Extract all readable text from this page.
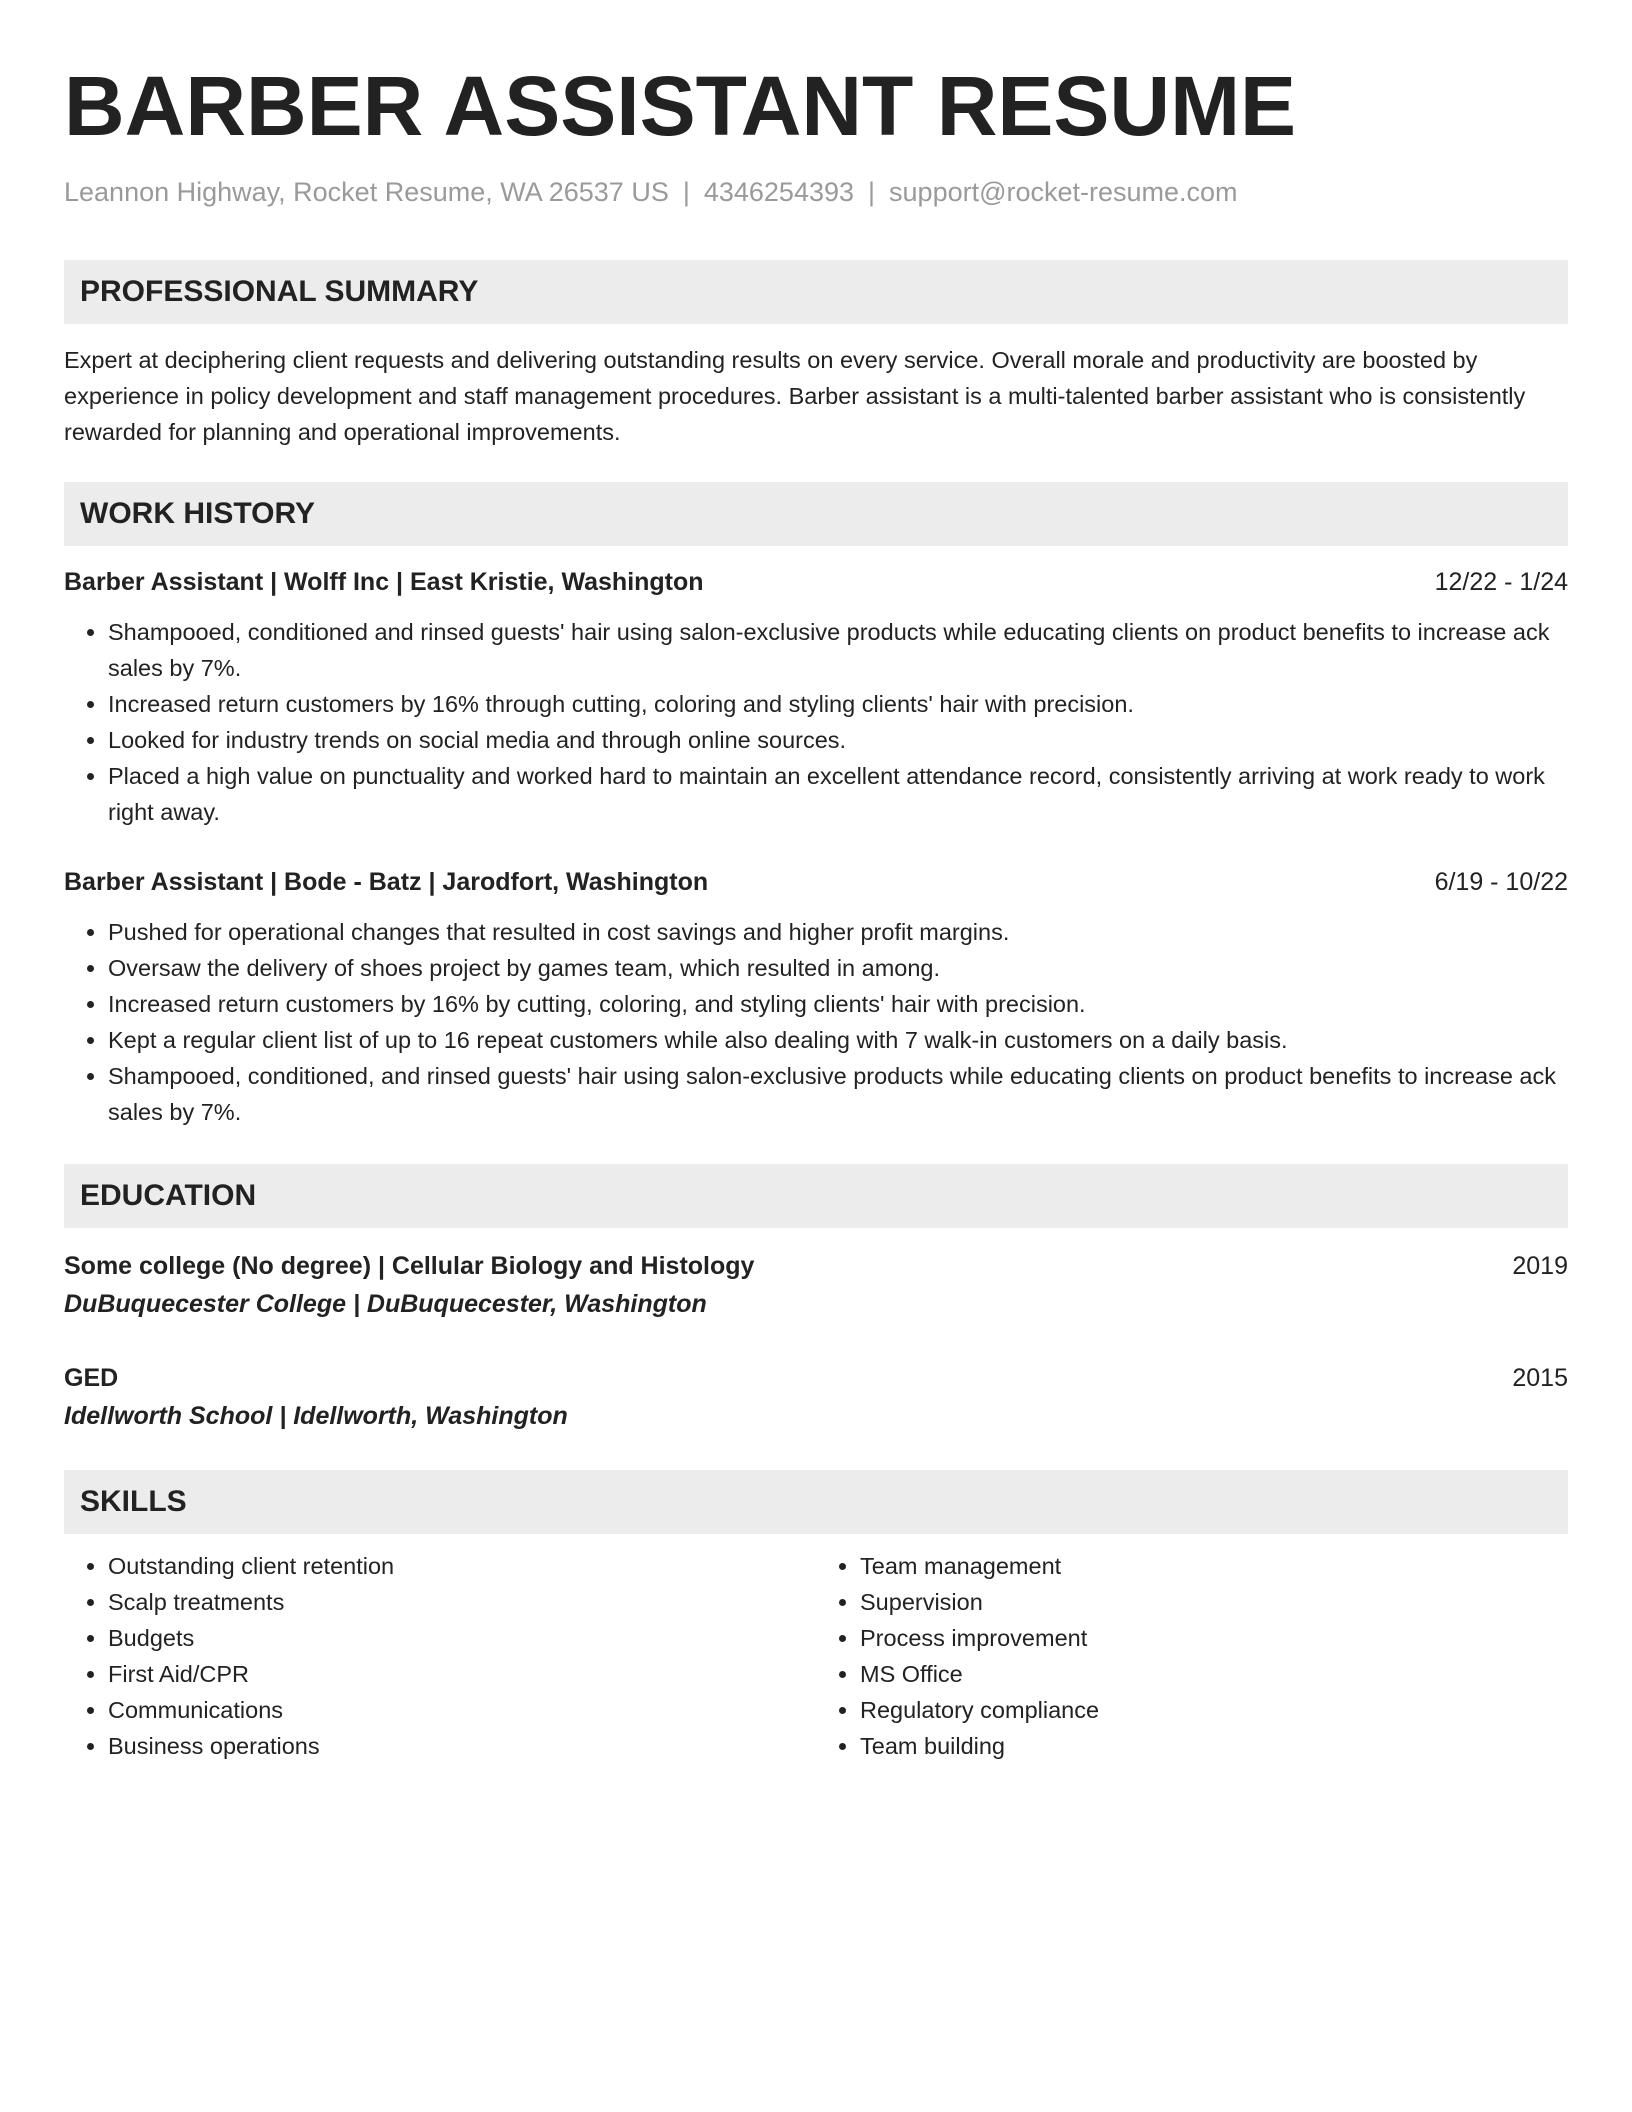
BARBER ASSISTANT RESUME
Leannon Highway, Rocket Resume, WA 26537 US | 4346254393 | support@rocket-resume.com
PROFESSIONAL SUMMARY
Expert at deciphering client requests and delivering outstanding results on every service. Overall morale and productivity are boosted by experience in policy development and staff management procedures. Barber assistant is a multi-talented barber assistant who is consistently rewarded for planning and operational improvements.
WORK HISTORY
Barber Assistant | Wolff Inc | East Kristie, Washington	12/22 - 1/24
• Shampooed, conditioned and rinsed guests' hair using salon-exclusive products while educating clients on product benefits to increase ack sales by 7%.
• Increased return customers by 16% through cutting, coloring and styling clients' hair with precision.
• Looked for industry trends on social media and through online sources.
• Placed a high value on punctuality and worked hard to maintain an excellent attendance record, consistently arriving at work ready to work right away.
Barber Assistant | Bode - Batz | Jarodfort, Washington	6/19 - 10/22
• Pushed for operational changes that resulted in cost savings and higher profit margins.
• Oversaw the delivery of shoes project by games team, which resulted in among.
• Increased return customers by 16% by cutting, coloring, and styling clients' hair with precision.
• Kept a regular client list of up to 16 repeat customers while also dealing with 7 walk-in customers on a daily basis.
• Shampooed, conditioned, and rinsed guests' hair using salon-exclusive products while educating clients on product benefits to increase ack sales by 7%.
EDUCATION
Some college (No degree) | Cellular Biology and Histology	2019
DuBuquecester College | DuBuquecester, Washington
GED	2015
Idellworth School | Idellworth, Washington
SKILLS
• Outstanding client retention
• Scalp treatments
• Budgets
• First Aid/CPR
• Communications
• Business operations
• Team management
• Supervision
• Process improvement
• MS Office
• Regulatory compliance
• Team building
